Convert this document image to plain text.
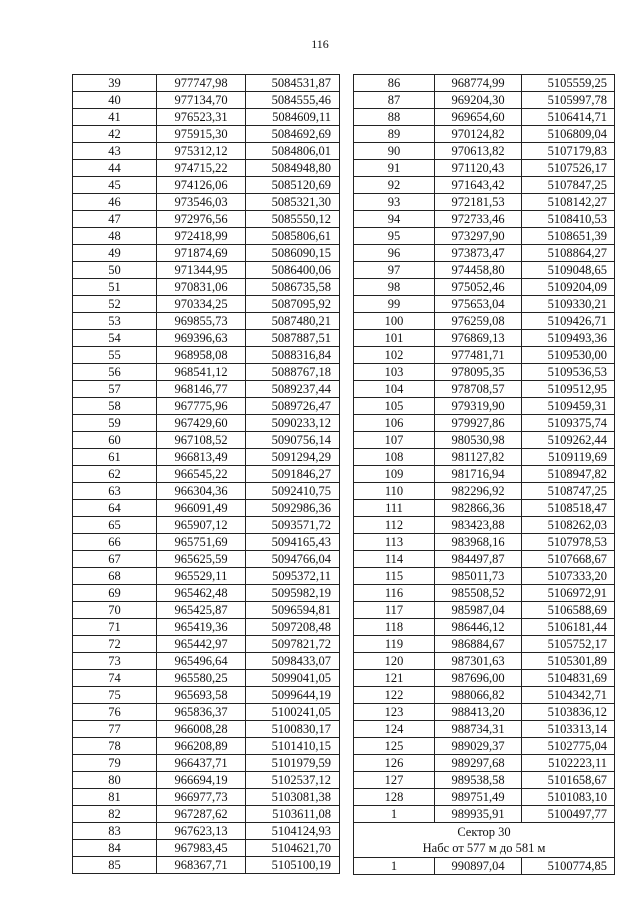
116
39	977747,98	5084531,87
40	977134,70	5084555,46
41	976523,31	5084609,11
42	975915,30	5084692,69
43	975312,12	5084806,01
44	974715,22	5084948,80
45	974126,06	5085120,69
46	973546,03	5085321,30
47	972976,56	5085550,12
48	972418,99	5085806,61
49	971874,69	5086090,15
50	971344,95	5086400,06
51	970831,06	5086735,58
52	970334,25	5087095,92
53	969855,73	5087480,21
54	969396,63	5087887,51
55	968958,08	5088316,84
56	968541,12	5088767,18
57	968146,77	5089237,44
58	967775,96	5089726,47
59	967429,60	5090233,12
60	967108,52	5090756,14
61	966813,49	5091294,29
62	966545,22	5091846,27
63	966304,36	5092410,75
64	966091,49	5092986,36
65	965907,12	5093571,72
66	965751,69	5094165,43
67	965625,59	5094766,04
68	965529,11	5095372,11
69	965462,48	5095982,19
70	965425,87	5096594,81
71	965419,36	5097208,48
72	965442,97	5097821,72
73	965496,64	5098433,07
74	965580,25	5099041,05
75	965693,58	5099644,19
76	965836,37	5100241,05
77	966008,28	5100830,17
78	966208,89	5101410,15
79	966437,71	5101979,59
80	966694,19	5102537,12
81	966977,73	5103081,38
82	967287,62	5103611,08
83	967623,13	5104124,93
84	967983,45	5104621,70
85	968367,71	5105100,19
86	968774,99	5105559,25
87	969204,30	5105997,78
88	969654,60	5106414,71
89	970124,82	5106809,04
90	970613,82	5107179,83
91	971120,43	5107526,17
92	971643,42	5107847,25
93	972181,53	5108142,27
94	972733,46	5108410,53
95	973297,90	5108651,39
96	973873,47	5108864,27
97	974458,80	5109048,65
98	975052,46	5109204,09
99	975653,04	5109330,21
100	976259,08	5109426,71
101	976869,13	5109493,36
102	977481,71	5109530,00
103	978095,35	5109536,53
104	978708,57	5109512,95
105	979319,90	5109459,31
106	979927,86	5109375,74
107	980530,98	5109262,44
108	981127,82	5109119,69
109	981716,94	5108947,82
110	982296,92	5108747,25
111	982866,36	5108518,47
112	983423,88	5108262,03
113	983968,16	5107978,53
114	984497,87	5107668,67
115	985011,73	5107333,20
116	985508,52	5106972,91
117	985987,04	5106588,69
118	986446,12	5106181,44
119	986884,67	5105752,17
120	987301,63	5105301,89
121	987696,00	5104831,69
122	988066,82	5104342,71
123	988413,20	5103836,12
124	988734,31	5103313,14
125	989029,37	5102775,04
126	989297,68	5102223,11
127	989538,58	5101658,67
128	989751,49	5101083,10
1	989935,91	5100497,77

Сектор 30
Набс от 577 м до 581 м		

1	990897,04	5100774,85
